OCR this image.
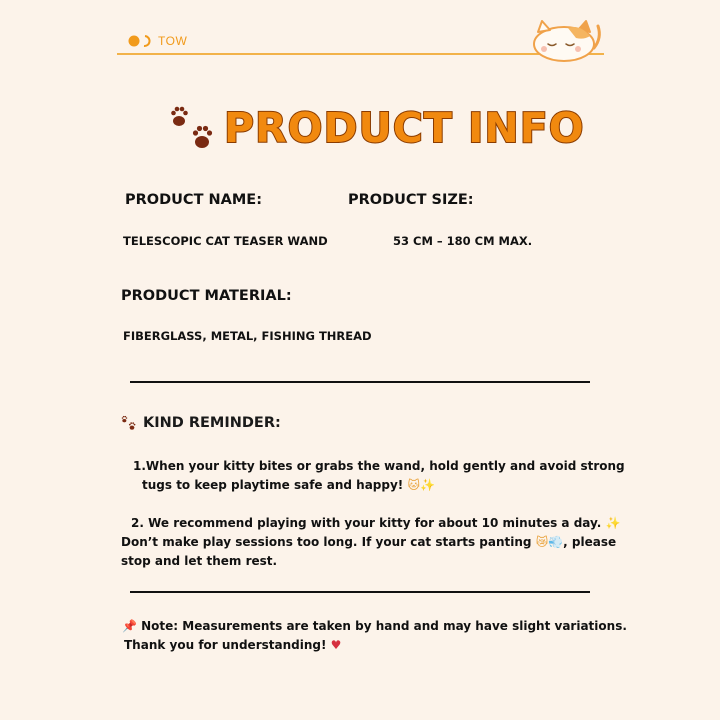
TOW
PRODUCT INFO
PRODUCT NAME:	PRODUCT SIZE:
TELESCOPIC CAT TEASER WAND	53 CM – 180 CM MAX.
PRODUCT MATERIAL:
FIBERGLASS, METAL, FISHING THREAD
KIND REMINDER:
1.When your kitty bites or grabs the wand, hold gently and avoid strong
tugs to keep playtime safe and happy! 🐱✨
2. We recommend playing with your kitty for about 10 minutes a day. ✨
Don’t make play sessions too long. If your cat starts panting 😿💨, please
stop and let them rest.
📌 Note: Measurements are taken by hand and may have slight variations.
Thank you for understanding! ♥
